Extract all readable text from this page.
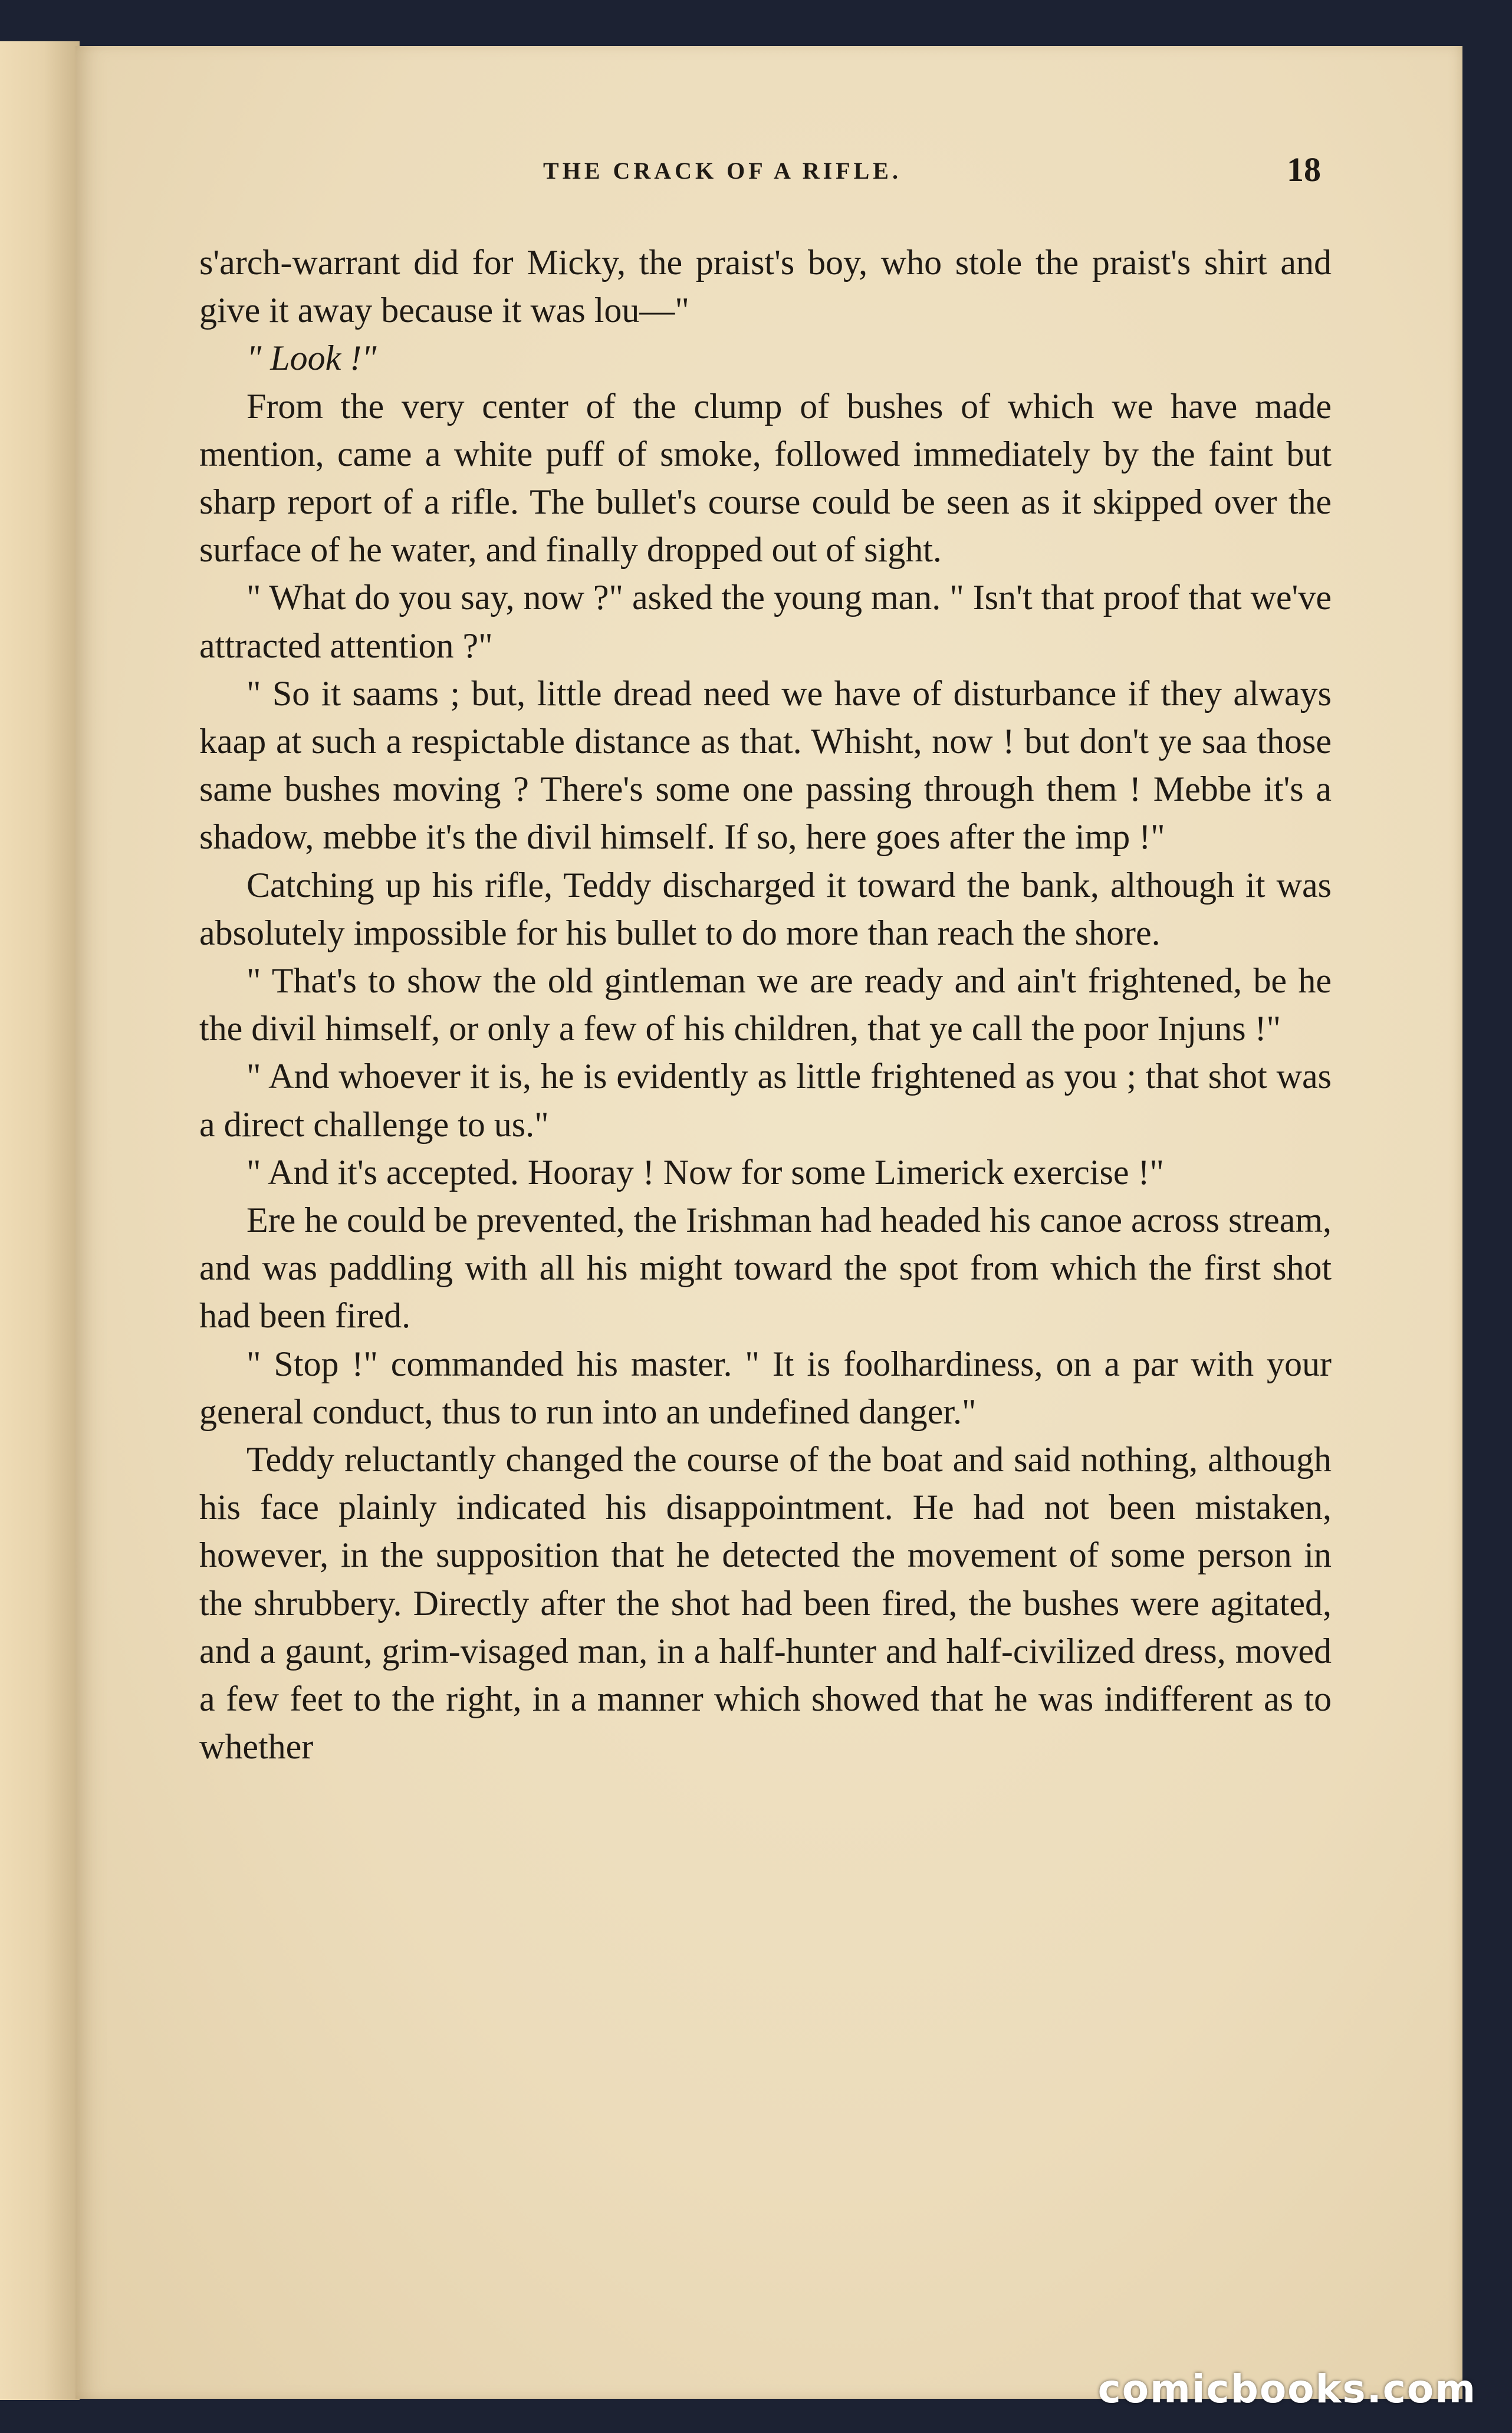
THE CRACK OF A RIFLE.	18

s'arch-warrant did for Micky, the praist's boy, who stole the praist's shirt and give it away because it was lou—"

" Look !"

From the very center of the clump of bushes of which we have made mention, came a white puff of smoke, followed immediately by the faint but sharp report of a rifle. The bullet's course could be seen as it skipped over the surface of he water, and finally dropped out of sight.

" What do you say, now ?" asked the young man. " Isn't that proof that we've attracted attention ?"

" So it saams ; but, little dread need we have of disturbance if they always kaap at such a respictable distance as that. Whisht, now ! but don't ye saa those same bushes moving ? There's some one passing through them ! Mebbe it's a shadow, mebbe it's the divil himself. If so, here goes after the imp !"

Catching up his rifle, Teddy discharged it toward the bank, although it was absolutely impossible for his bullet to do more than reach the shore.

" That's to show the old gintleman we are ready and ain't frightened, be he the divil himself, or only a few of his children, that ye call the poor Injuns !"

" And whoever it is, he is evidently as little frightened as you ; that shot was a direct challenge to us."

" And it's accepted. Hooray ! Now for some Limerick exercise !"

Ere he could be prevented, the Irishman had headed his canoe across stream, and was paddling with all his might toward the spot from which the first shot had been fired.

" Stop !" commanded his master. " It is foolhardiness, on a par with your general conduct, thus to run into an undefined danger."

Teddy reluctantly changed the course of the boat and said nothing, although his face plainly indicated his disappointment. He had not been mistaken, however, in the supposition that he detected the movement of some person in the shrubbery. Directly after the shot had been fired, the bushes were agitated, and a gaunt, grim-visaged man, in a half-hunter and half-civilized dress, moved a few feet to the right, in a manner which showed that he was indifferent as to whether

comicbooks.com
